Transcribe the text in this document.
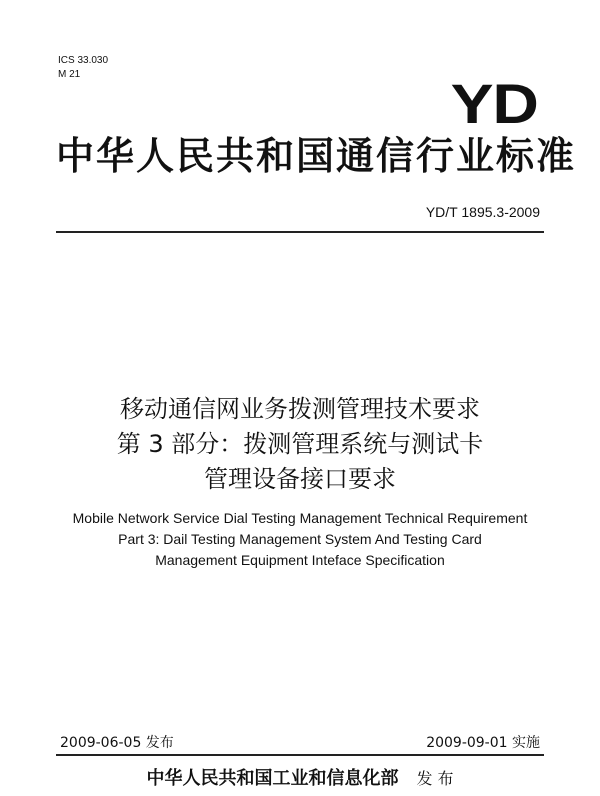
ICS 33.030
M 21	YD
中华人民共和国通信行业标准
YD/T 1895.3-2009
移动通信网业务拨测管理技术要求
第 3 部分：拨测管理系统与测试卡
管理设备接口要求
Mobile Network Service Dial Testing Management Technical Requirement
Part 3: Dail Testing Management System And Testing Card
Management Equipment Inteface Specification
2009-06-05 发布	2009-09-01 实施
中华人民共和国工业和信息化部 发 布
